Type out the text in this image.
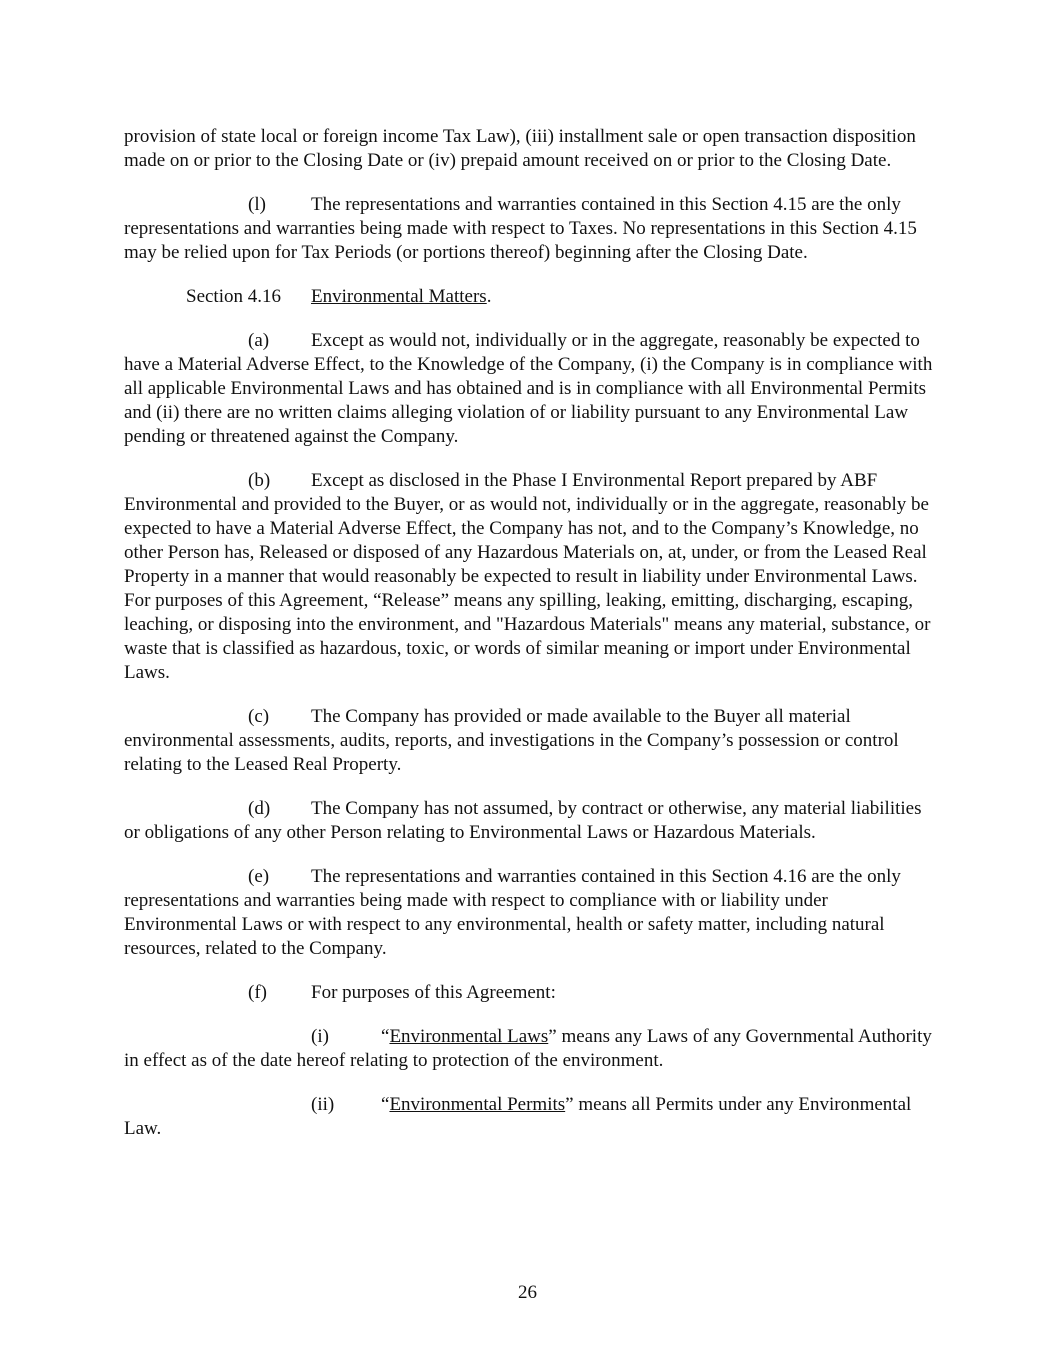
provision of state local or foreign income Tax Law), (iii) installment sale or open transaction disposition made on or prior to the Closing Date or (iv) prepaid amount received on or prior to the Closing Date.

(l) The representations and warranties contained in this Section 4.15 are the only representations and warranties being made with respect to Taxes. No representations in this Section 4.15 may be relied upon for Tax Periods (or portions thereof) beginning after the Closing Date.

Section 4.16 Environmental Matters.

(a) Except as would not, individually or in the aggregate, reasonably be expected to have a Material Adverse Effect, to the Knowledge of the Company, (i) the Company is in compliance with all applicable Environmental Laws and has obtained and is in compliance with all Environmental Permits and (ii) there are no written claims alleging violation of or liability pursuant to any Environmental Law pending or threatened against the Company.

(b) Except as disclosed in the Phase I Environmental Report prepared by ABF Environmental and provided to the Buyer, or as would not, individually or in the aggregate, reasonably be expected to have a Material Adverse Effect, the Company has not, and to the Company’s Knowledge, no other Person has, Released or disposed of any Hazardous Materials on, at, under, or from the Leased Real Property in a manner that would reasonably be expected to result in liability under Environmental Laws. For purposes of this Agreement, “Release” means any spilling, leaking, emitting, discharging, escaping, leaching, or disposing into the environment, and "Hazardous Materials" means any material, substance, or waste that is classified as hazardous, toxic, or words of similar meaning or import under Environmental Laws.

(c) The Company has provided or made available to the Buyer all material environmental assessments, audits, reports, and investigations in the Company’s possession or control relating to the Leased Real Property.

(d) The Company has not assumed, by contract or otherwise, any material liabilities or obligations of any other Person relating to Environmental Laws or Hazardous Materials.

(e) The representations and warranties contained in this Section 4.16 are the only representations and warranties being made with respect to compliance with or liability under Environmental Laws or with respect to any environmental, health or safety matter, including natural resources, related to the Company.

(f) For purposes of this Agreement:

(i)	“Environmental Laws” means any Laws of any Governmental Authority in effect as of the date hereof relating to protection of the environment.

(ii) “Environmental Permits” means all Permits under any Environmental Law.

26
